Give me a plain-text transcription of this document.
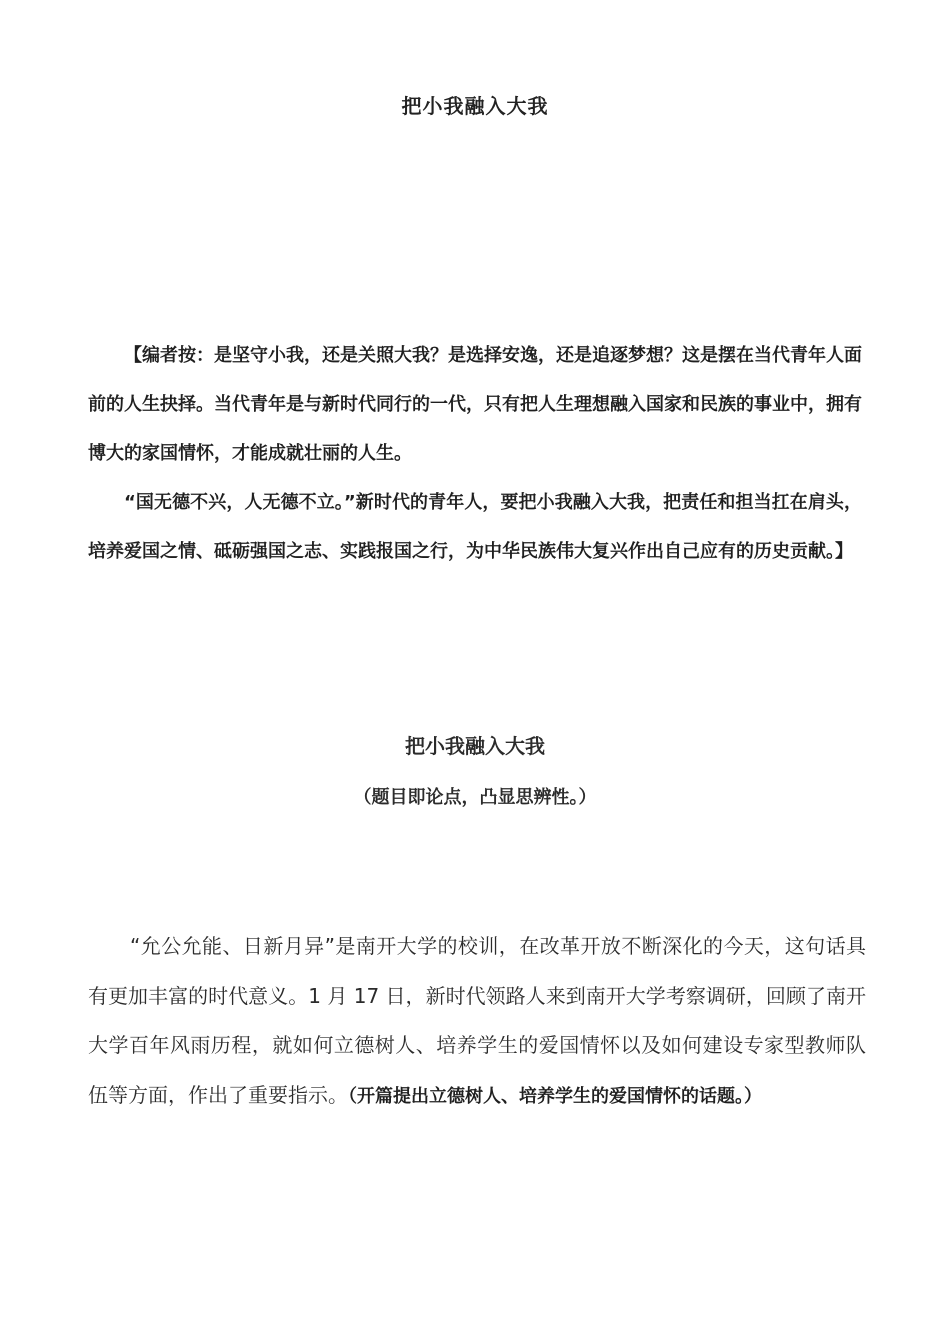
把小我融入大我

【编者按：是坚守小我，还是关照大我？是选择安逸，还是追逐梦想？这是摆在当代青年人面前的人生抉择。当代青年是与新时代同行的一代，只有把人生理想融入国家和民族的事业中，拥有博大的家国情怀，才能成就壮丽的人生。

“国无德不兴，人无德不立。”新时代的青年人，要把小我融入大我，把责任和担当扛在肩头，培养爱国之情、砥砺强国之志、实践报国之行，为中华民族伟大复兴作出自己应有的历史贡献。】

把小我融入大我

（题目即论点，凸显思辨性。）

“允公允能、日新月异”是南开大学的校训，在改革开放不断深化的今天，这句话具有更加丰富的时代意义。1 月 17 日，新时代领路人来到南开大学考察调研，回顾了南开大学百年风雨历程，就如何立德树人、培养学生的爱国情怀以及如何建设专家型教师队伍等方面，作出了重要指示。（开篇提出立德树人、培养学生的爱国情怀的话题。）
